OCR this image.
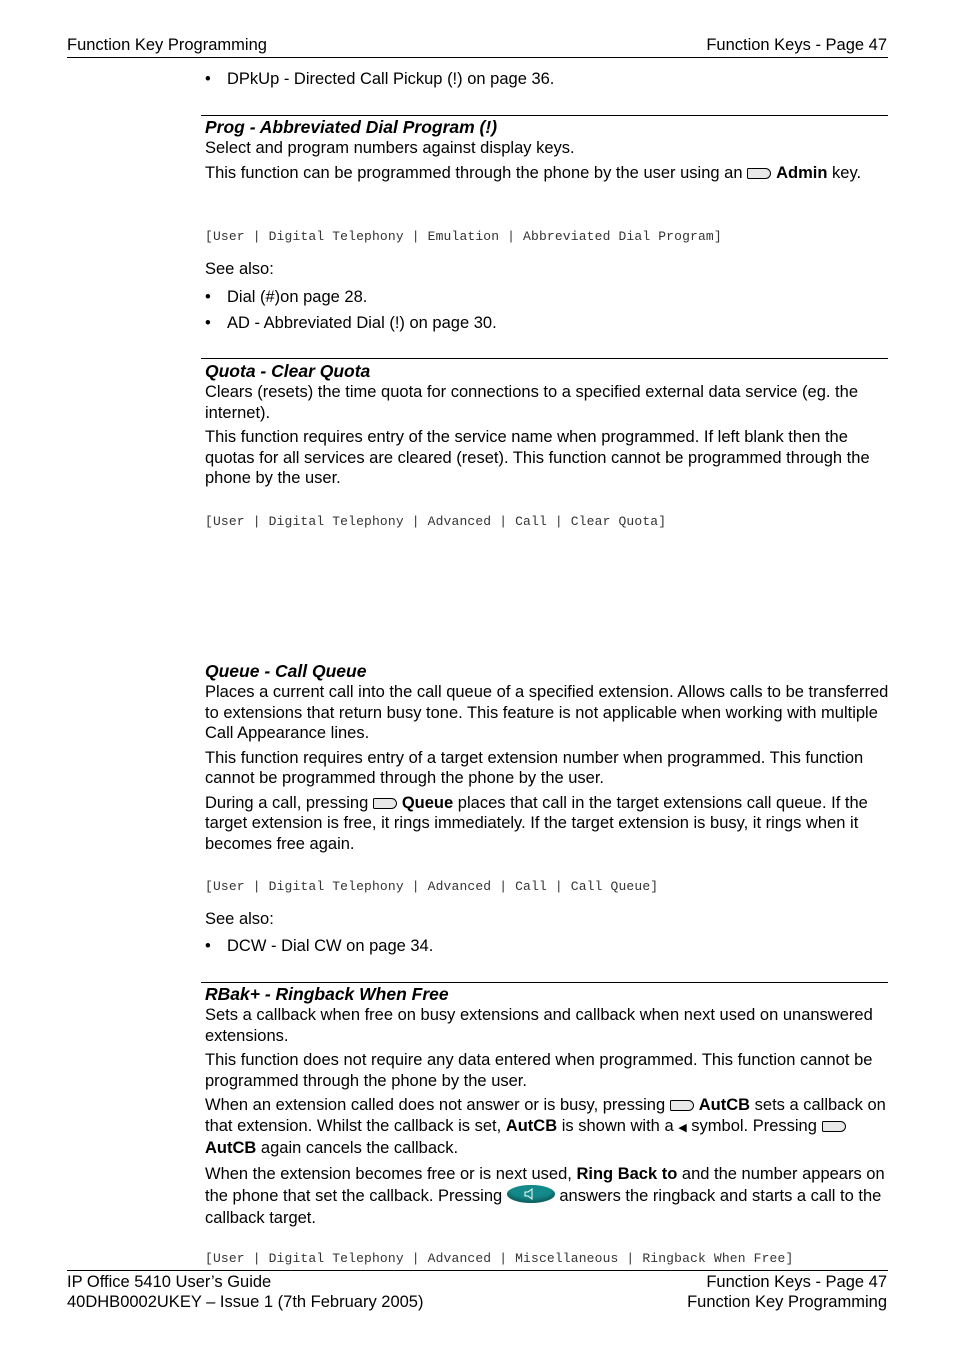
Function Key Programming	Function Keys - Page 47
• DPkUp - Directed Call Pickup (!) on page 36.
Prog - Abbreviated Dial Program (!)

Select and program numbers against display keys.

This function can be programmed through the phone by the user using an Admin key.

[User | Digital Telephony | Emulation | Abbreviated Dial Program]
See also:
• Dial (#)on page 28.
• AD - Abbreviated Dial (!) on page 30.
Quota - Clear Quota

Clears (resets) the time quota for connections to a specified external data service (eg. the internet).

This function requires entry of the service name when programmed. If left blank then the quotas for all services are cleared (reset). This function cannot be programmed through the phone by the user.

[User | Digital Telephony | Advanced | Call | Clear Quota]
Queue - Call Queue

Places a current call into the call queue of a specified extension. Allows calls to be transferred to extensions that return busy tone. This feature is not applicable when working with multiple Call Appearance lines.

This function requires entry of a target extension number when programmed. This function cannot be programmed through the phone by the user.

During a call, pressing Queue places that call in the target extensions call queue. If the target extension is free, it rings immediately. If the target extension is busy, it rings when it becomes free again.

[User | Digital Telephony | Advanced | Call | Call Queue]
See also:
• DCW - Dial CW on page 34.
RBak+ - Ringback When Free

Sets a callback when free on busy extensions and callback when next used on unanswered extensions.

This function does not require any data entered when programmed. This function cannot be programmed through the phone by the user.

When an extension called does not answer or is busy, pressing AutCB sets a callback on that extension. Whilst the callback is set, AutCB is shown with a ◀ symbol. Pressing AutCB again cancels the callback.

When the extension becomes free or is next used, Ring Back to and the number appears on the phone that set the callback. Pressing	answers the ringback and starts a call to the callback target.

[User | Digital Telephony | Advanced | Miscellaneous | Ringback When Free]
IP Office 5410 User’s Guide
40DHB0002UKEY – Issue 1 (7th February 2005)
Function Keys - Page 47
Function Key Programming
